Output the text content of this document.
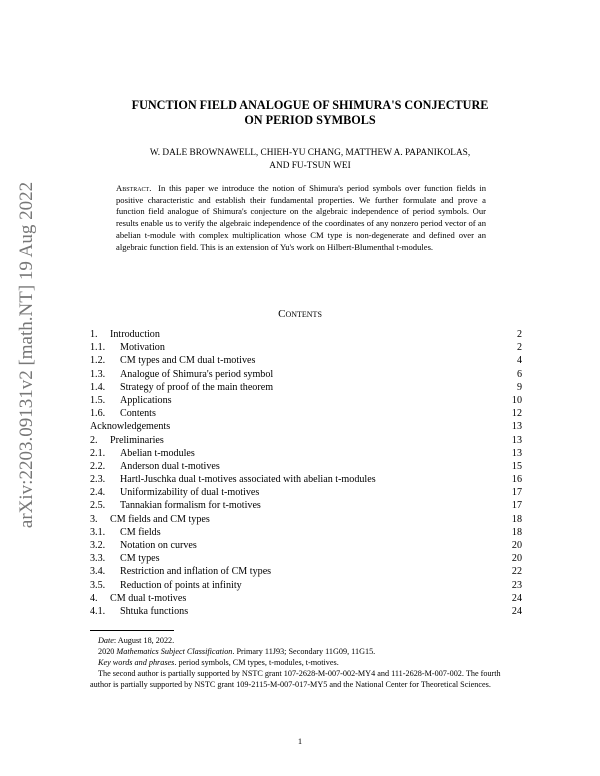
arXiv:2203.09131v2 [math.NT] 19 Aug 2022
FUNCTION FIELD ANALOGUE OF SHIMURA'S CONJECTURE
ON PERIOD SYMBOLS
W. DALE BROWNAWELL, CHIEH-YU CHANG, MATTHEW A. PAPANIKOLAS,
AND FU-TSUN WEI
Abstract. In this paper we introduce the notion of Shimura's period symbols over function fields in positive characteristic and establish their fundamental properties. We further formulate and prove a function field analogue of Shimura's conjecture on the algebraic independence of period symbols. Our results enable us to verify the algebraic independence of the coordinates of any nonzero period vector of an abelian t-module with complex multiplication whose CM type is non-degenerate and defined over an algebraic function field. This is an extension of Yu's work on Hilbert-Blumenthal t-modules.
Contents
1. Introduction	2
1.1. Motivation	2
1.2. CM types and CM dual t-motives	4
1.3. Analogue of Shimura's period symbol	6
1.4. Strategy of proof of the main theorem	9
1.5. Applications	10
1.6. Contents	12
Acknowledgements	13
2. Preliminaries	13
2.1. Abelian t-modules	13
2.2. Anderson dual t-motives	15
2.3. Hartl-Juschka dual t-motives associated with abelian t-modules	16
2.4. Uniformizability of dual t-motives	17
2.5. Tannakian formalism for t-motives	17
3. CM fields and CM types	18
3.1. CM fields	18
3.2. Notation on curves	20
3.3. CM types	20
3.4. Restriction and inflation of CM types	22
3.5. Reduction of points at infinity	23
4. CM dual t-motives	24
4.1. Shtuka functions	24

Date: August 18, 2022.

2020 Mathematics Subject Classification. Primary 11J93; Secondary 11G09, 11G15.

Key words and phrases. period symbols, CM types, t-modules, t-motives.

The second author is partially supported by NSTC grant 107-2628-M-007-002-MY4 and 111-2628-M-007-002. The fourth author is partially supported by NSTC grant 109-2115-M-007-017-MY5 and the National Center for Theoretical Sciences.

1
